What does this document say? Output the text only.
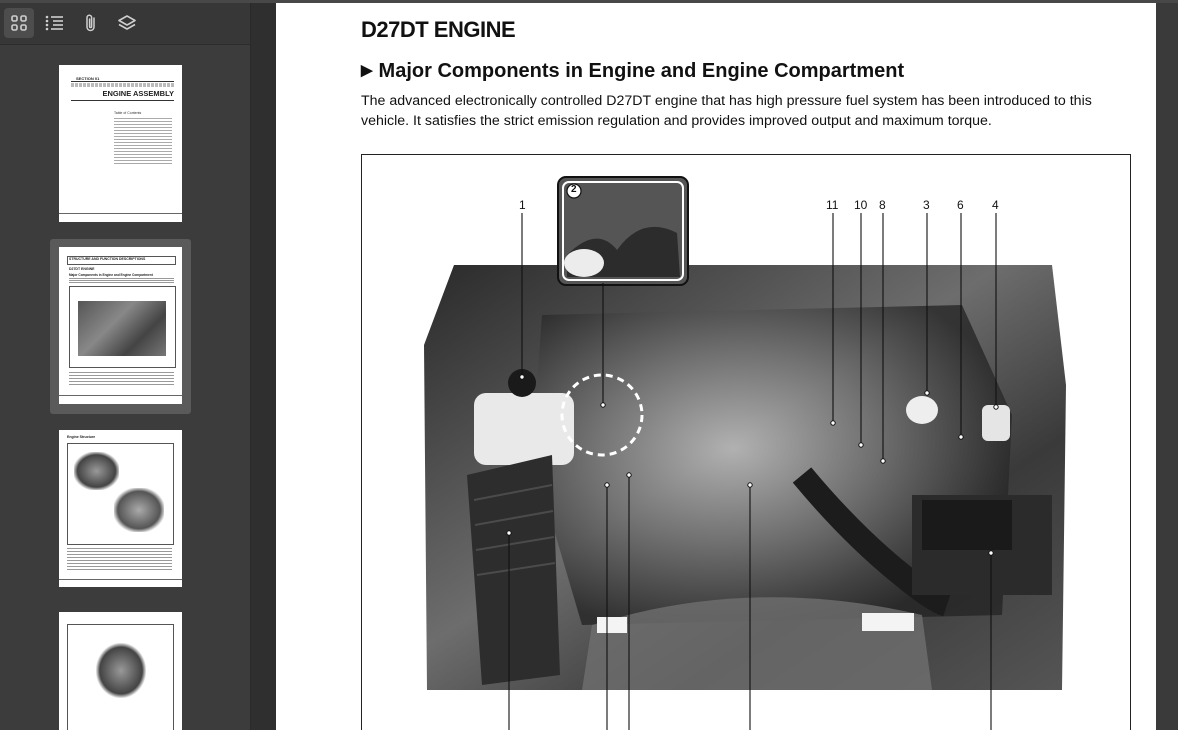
SECTION 01
ENGINE ASSEMBLY
Table of Contents
STRUCTURE AND FUNCTION DESCRIPTIONS
D27DT ENGINE
Major Components in Engine and Engine Compartment
Engine Structure
D27DT ENGINE
▶ Major Components in Engine and Engine Compartment

The advanced electronically controlled D27DT engine that has high pressure fuel system has been introduced to this vehicle. It satisfies the strict emission regulation and provides improved output and maximum torque.

1	11 10 8	3 6 4
2
